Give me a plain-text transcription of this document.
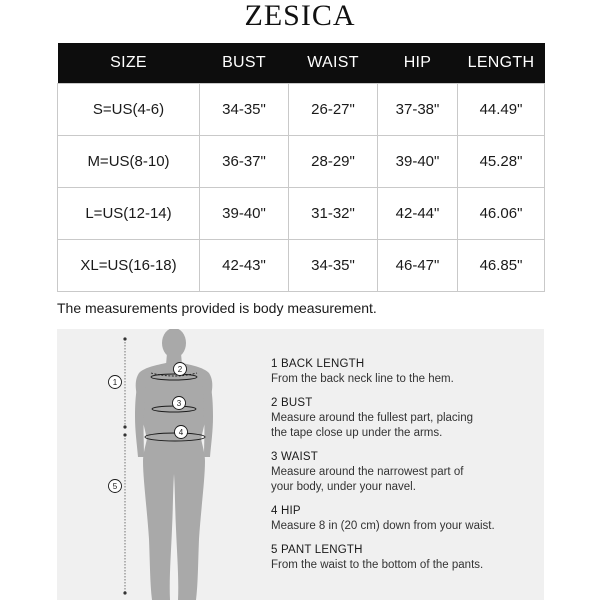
ZESICA
SIZE	BUST	WAIST	HIP	LENGTH
S=US(4-6)	34-35"	26-27"	37-38"	44.49"
M=US(8-10)	36-37"	28-29"	39-40"	45.28"
L=US(12-14)	39-40"	31-32"	42-44"	46.06"
XL=US(16-18)	42-43"	34-35"	46-47"	46.85"
The measurements provided is body measurement.
1
2
3
4
5
1 BACK LENGTH
From the back neck line to the hem.
2 BUST
Measure around the fullest part, placing
the tape close up under the arms.
3 WAIST
Measure around the narrowest part of
your body, under your navel.
4 HIP
Measure 8 in (20 cm) down from your waist.
5 PANT LENGTH
From the waist to the bottom of the pants.
